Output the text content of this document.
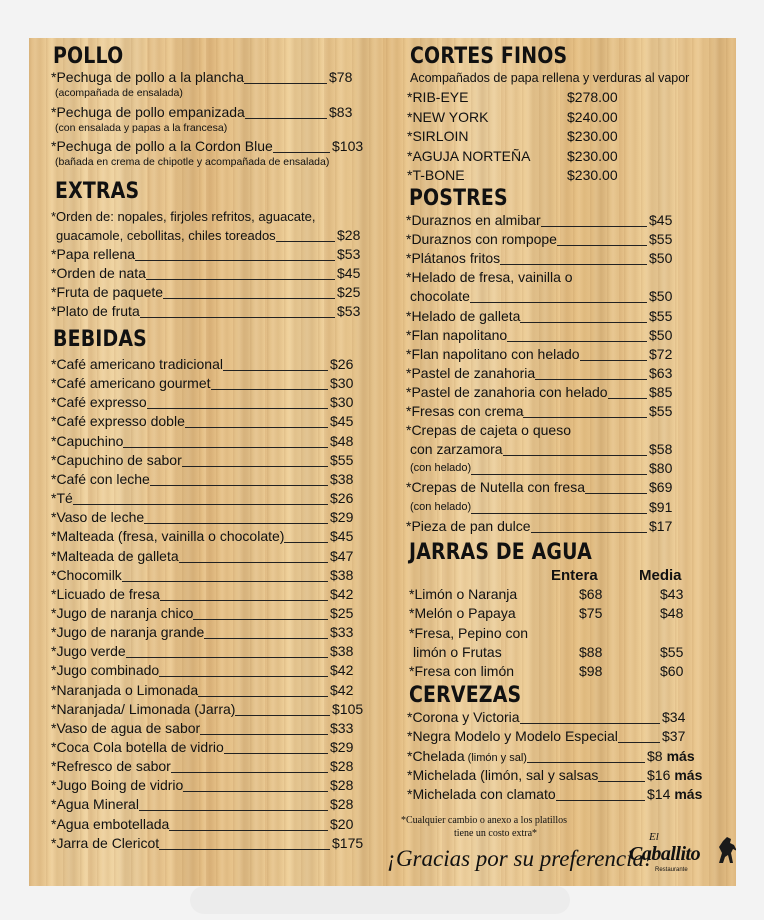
POLLO
*Pechuga de pollo a la plancha	$78
(acompañada de ensalada)
*Pechuga de pollo empanizada	$83
(con ensalada y papas a la francesa)
*Pechuga de pollo a la Cordon Blue	$103
(bañada en crema de chipotle y acompañada de ensalada)
EXTRAS
*Orden de: nopales, firjoles refritos, aguacate,
guacamole, cebollitas, chiles toreados	$28
*Papa rellena	$53
*Orden de nata	$45
*Fruta de paquete	$25
*Plato de fruta	$53
BEBIDAS
*Café americano tradicional	$26
*Café americano gourmet	$30
*Café expresso	$30
*Café expresso doble	$45
*Capuchino	$48
*Capuchino de sabor	$55
*Café con leche	$38
*Té	$26
*Vaso de leche	$29
*Malteada (fresa, vainilla o chocolate)	$45
*Malteada de galleta	$47
*Chocomilk	$38
*Licuado de fresa	$42
*Jugo de naranja chico	$25
*Jugo de naranja grande	$33
*Jugo verde	$38
*Jugo combinado	$42
*Naranjada o Limonada	$42
*Naranjada/ Limonada (Jarra)	$105
*Vaso de agua de sabor	$33
*Coca Cola botella de vidrio	$29
*Refresco de sabor	$28
*Jugo Boing de vidrio	$28
*Agua Mineral	$28
*Agua embotellada	$20
*Jarra de Clericot	$175
CORTES FINOS
Acompañados de papa rellena y verduras al vapor
*RIB-EYE	$278.00
*NEW YORK	$240.00
*SIRLOIN	$230.00
*AGUJA NORTEÑA	$230.00
*T-BONE	$230.00
POSTRES
*Duraznos en almibar	$45
*Duraznos con rompope	$55
*Plátanos fritos	$50
*Helado de fresa, vainilla o
chocolate	$50
*Helado de galleta	$55
*Flan napolitano	$50
*Flan napolitano con helado	$72
*Pastel de zanahoria	$63
*Pastel de zanahoria con helado	$85
*Fresas con crema	$55
*Crepas de cajeta o queso
con zarzamora	$58
(con helado)	$80
*Crepas de Nutella con fresa	$69
(con helado)	$91
*Pieza de pan dulce	$17
JARRAS DE AGUA
Entera	Media
*Limón o Naranja	$68	$43
*Melón o Papaya	$75	$48
*Fresa, Pepino con
limón o Frutas	$88	$55
*Fresa con limón	$98	$60
CERVEZAS
*Corona y Victoria	$34
*Negra Modelo y Modelo Especial	$37
*Chelada (limón y sal)	$8 más
*Michelada (limón, sal y salsas	$16 más
*Michelada con clamato	$14 más
*Cualquier cambio o anexo a los platillos
tiene un costo extra*
¡Gracias por su preferencia!
El
Caballito
Restaurante
